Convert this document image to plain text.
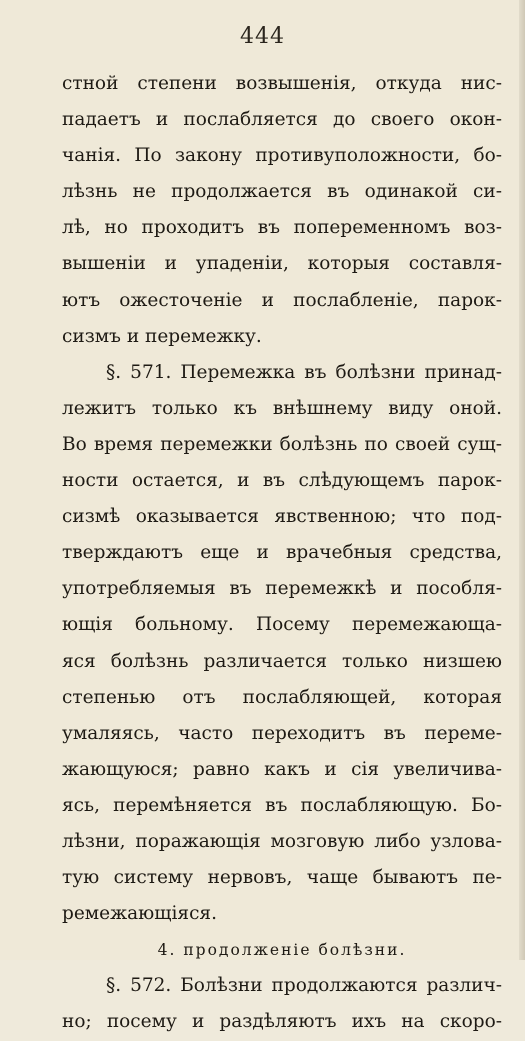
444
стной степени возвышенія, откуда нис-
падаетъ и послабляется до своего окон-
чанія. По закону противуположности, бо-
лѣзнь не продолжается въ одинакой си-
лѣ, но проходитъ въ попеременномъ воз-
вышеніи и упаденіи, которыя составля-
ютъ ожесточеніе и послабленіе, парок-
сизмъ и перемежку.
§. 571. Перемежка въ болѣзни принад-
лежитъ только къ внѣшнему виду оной.
Во время перемежки болѣзнь по своей сущ-
ности остается, и въ слѣдующемъ парок-
сизмѣ оказывается явственною; что под-
тверждаютъ еще и врачебныя средства,
употребляемыя въ перемежкѣ и пособля-
ющія больному. Посему перемежающа-
яся болѣзнь различается только низшею
степенью отъ послабляющей, которая
умаляясь, часто переходитъ въ переме-
жающуюся; равно какъ и сія увеличива-
ясь, перемѣняется въ послабляющую. Бо-
лѣзни, поражающія мозговую либо узлова-
тую систему нервовъ, чаще бываютъ пе-
ремежающіяся.
4. продолженіе болѣзни.
§. 572. Болѣзни продолжаются различ-
но; посему и раздѣляютъ ихъ на скоро-
